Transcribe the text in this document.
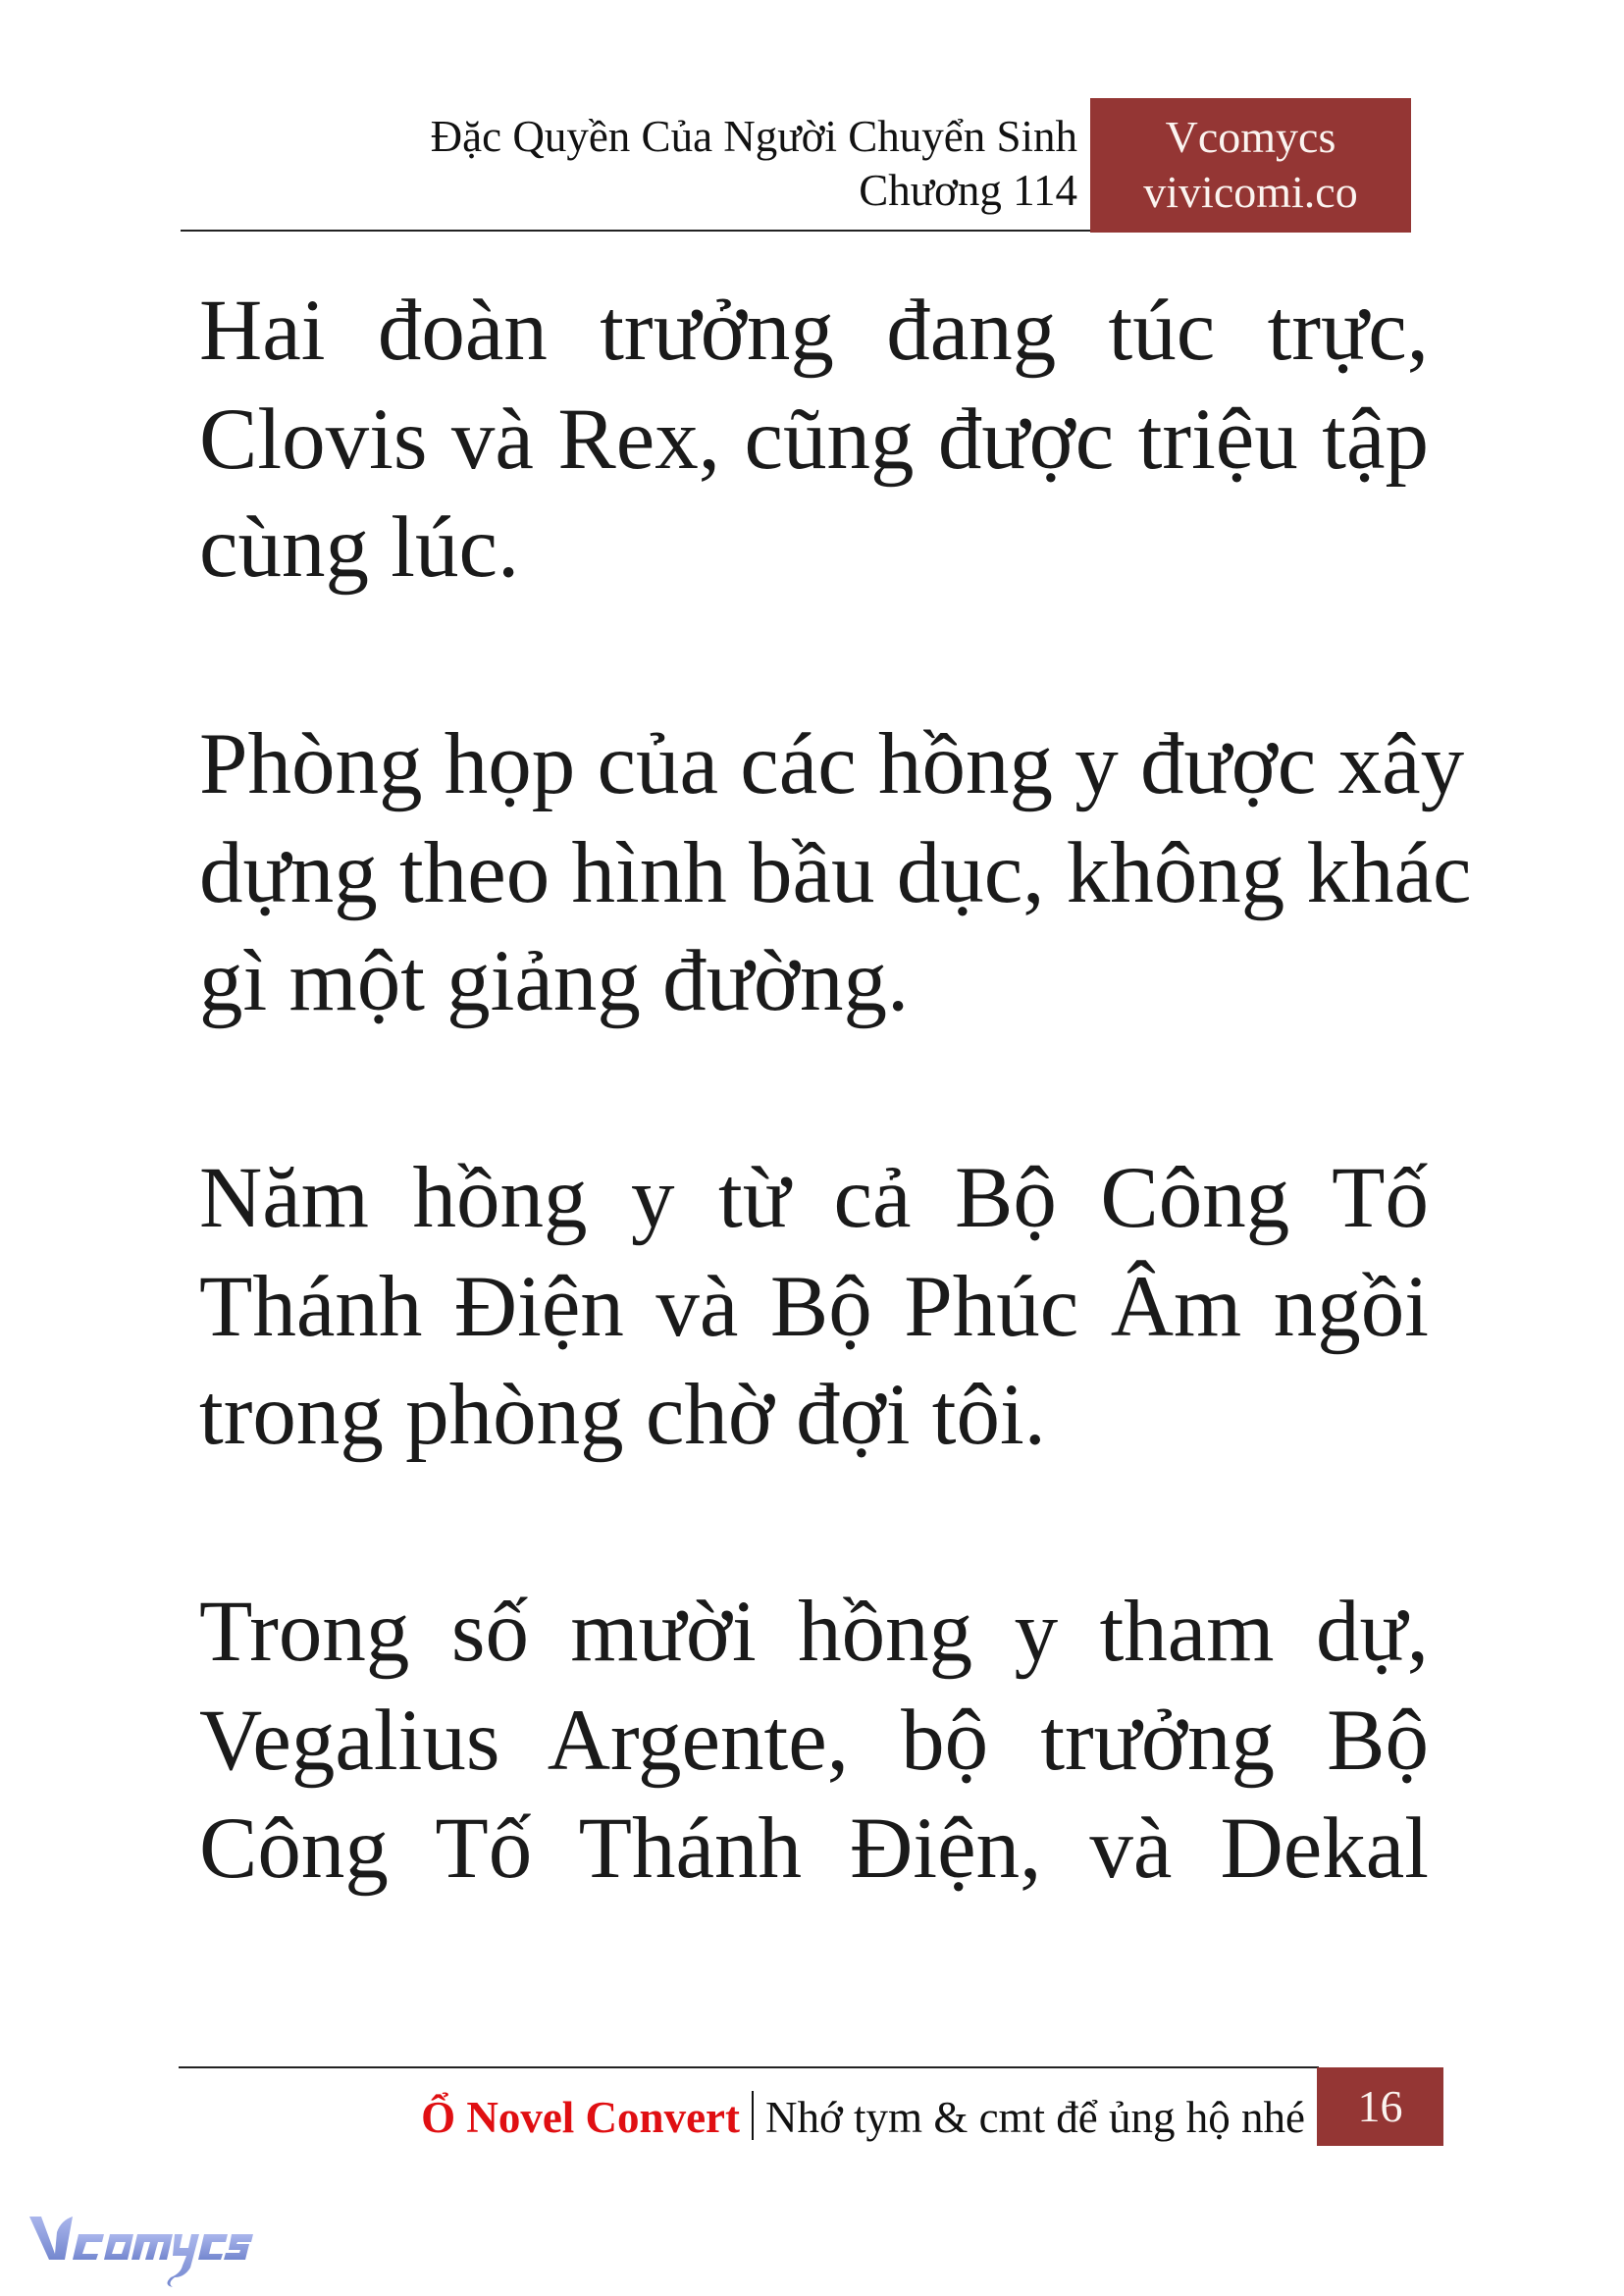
Đặc Quyền Của Người Chuyển Sinh
Chương 114
Vcomycs
vivicomi.co

Hai đoàn trưởng đang túc trực,
Clovis và Rex, cũng được triệu tập
cùng lúc.

Phòng họp của các hồng y được xây
dựng theo hình bầu dục, không khác
gì một giảng đường.

Năm hồng y từ cả Bộ Công Tố
Thánh Điện và Bộ Phúc Âm ngồi
trong phòng chờ đợi tôi.

Trong số mười hồng y tham dự,
Vegalius Argente, bộ trưởng Bộ
Công Tố Thánh Điện, và Dekal

Ổ Novel Convert Nhớ tym & cmt để ủng hộ nhé	16
